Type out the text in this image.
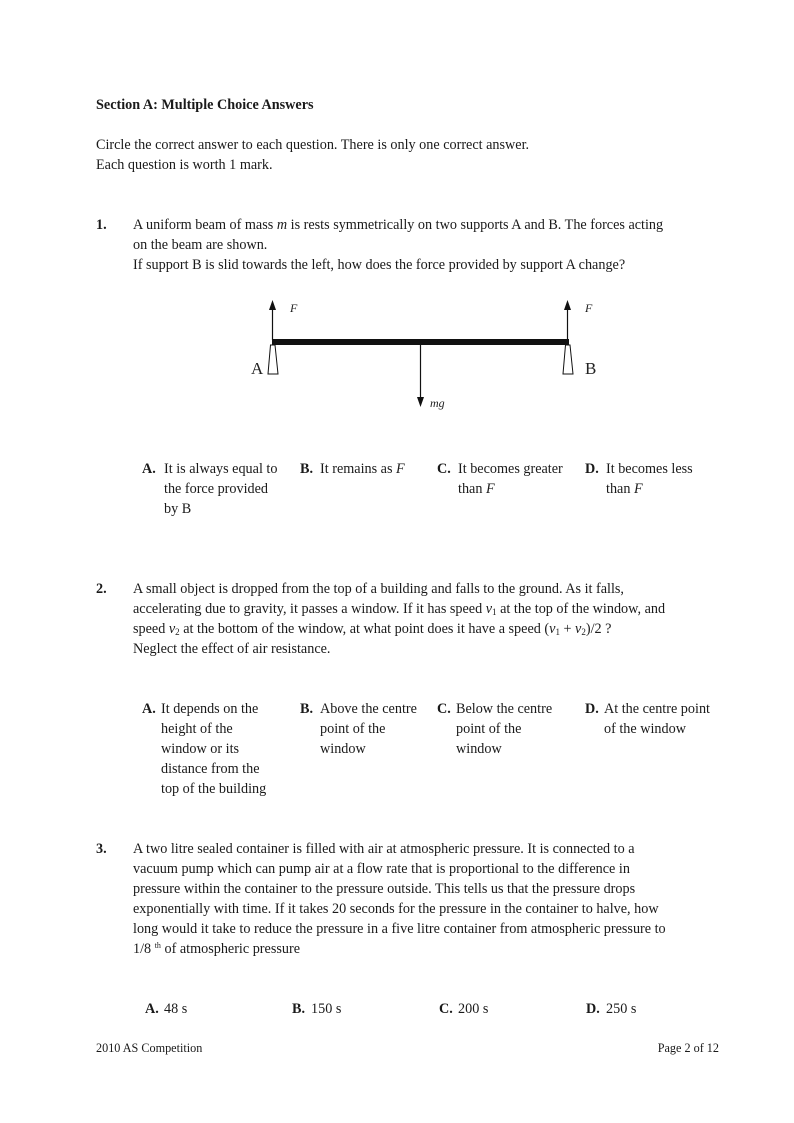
Section A: Multiple Choice Answers
Circle the correct answer to each question. There is only one correct answer.
Each question is worth 1 mark.
1. A uniform beam of mass m is rests symmetrically on two supports A and B. The forces acting
on the beam are shown.
If support B is slid towards the left, how does the force provided by support A change?
F	F
A	B
mg
A. It is always equal to
the force provided
by B
B. It remains as F C. It becomes greater
than F
D. It becomes less
than F
2. A small object is dropped from the top of a building and falls to the ground. As it falls,
accelerating due to gravity, it passes a window. If it has speed $v_1$ at the top of the window, and
speed $v_2$ at the bottom of the window, at what point does it have a speed $(v_1 + v_2)/2$ ?
Neglect the effect of air resistance.
A. It depends on the
height of the
window or its
distance from the
top of the building
B. Above the centre
point of the
window
C. Below the centre
point of the
window
D. At the centre point
of the window
3. A two litre sealed container is filled with air at atmospheric pressure. It is connected to a
vacuum pump which can pump air at a flow rate that is proportional to the difference in
pressure within the container to the pressure outside. This tells us that the pressure drops
exponentially with time. If it takes 20 seconds for the pressure in the container to halve, how
long would it take to reduce the pressure in a five litre container from atmospheric pressure to
1/8 $^{th}$ of atmospheric pressure
A. 48 s	B. 150 s	C. 200 s	D. 250 s
2010 AS Competition	Page 2 of 12
